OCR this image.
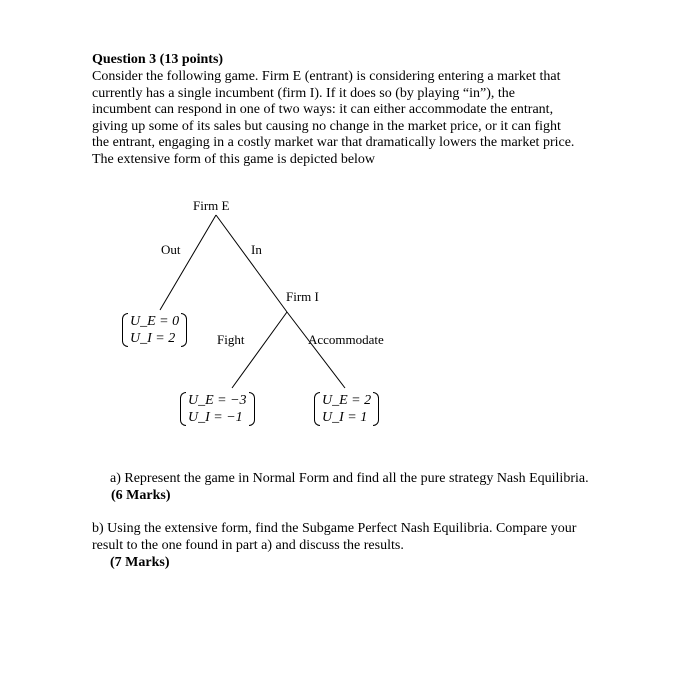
Question 3 (13 points)
Consider the following game. Firm E (entrant) is considering entering a market that
currently has a single incumbent (firm I). If it does so (by playing “in”), the
incumbent can respond in one of two ways: it can either accommodate the entrant,
giving up some of its sales but causing no change in the market price, or it can fight
the entrant, engaging in a costly market war that dramatically lowers the market price.
The extensive form of this game is depicted below
Firm E
Out	In
Firm I
Fight	Accommodate
U_E = 0
U_I = 2
U_E = −3
U_I = −1
U_E = 2
U_I = 1
a) Represent the game in Normal Form and find all the pure strategy Nash Equilibria.
(6 Marks)
b) Using the extensive form, find the Subgame Perfect Nash Equilibria. Compare your
result to the one found in part a) and discuss the results.
(7 Marks)
